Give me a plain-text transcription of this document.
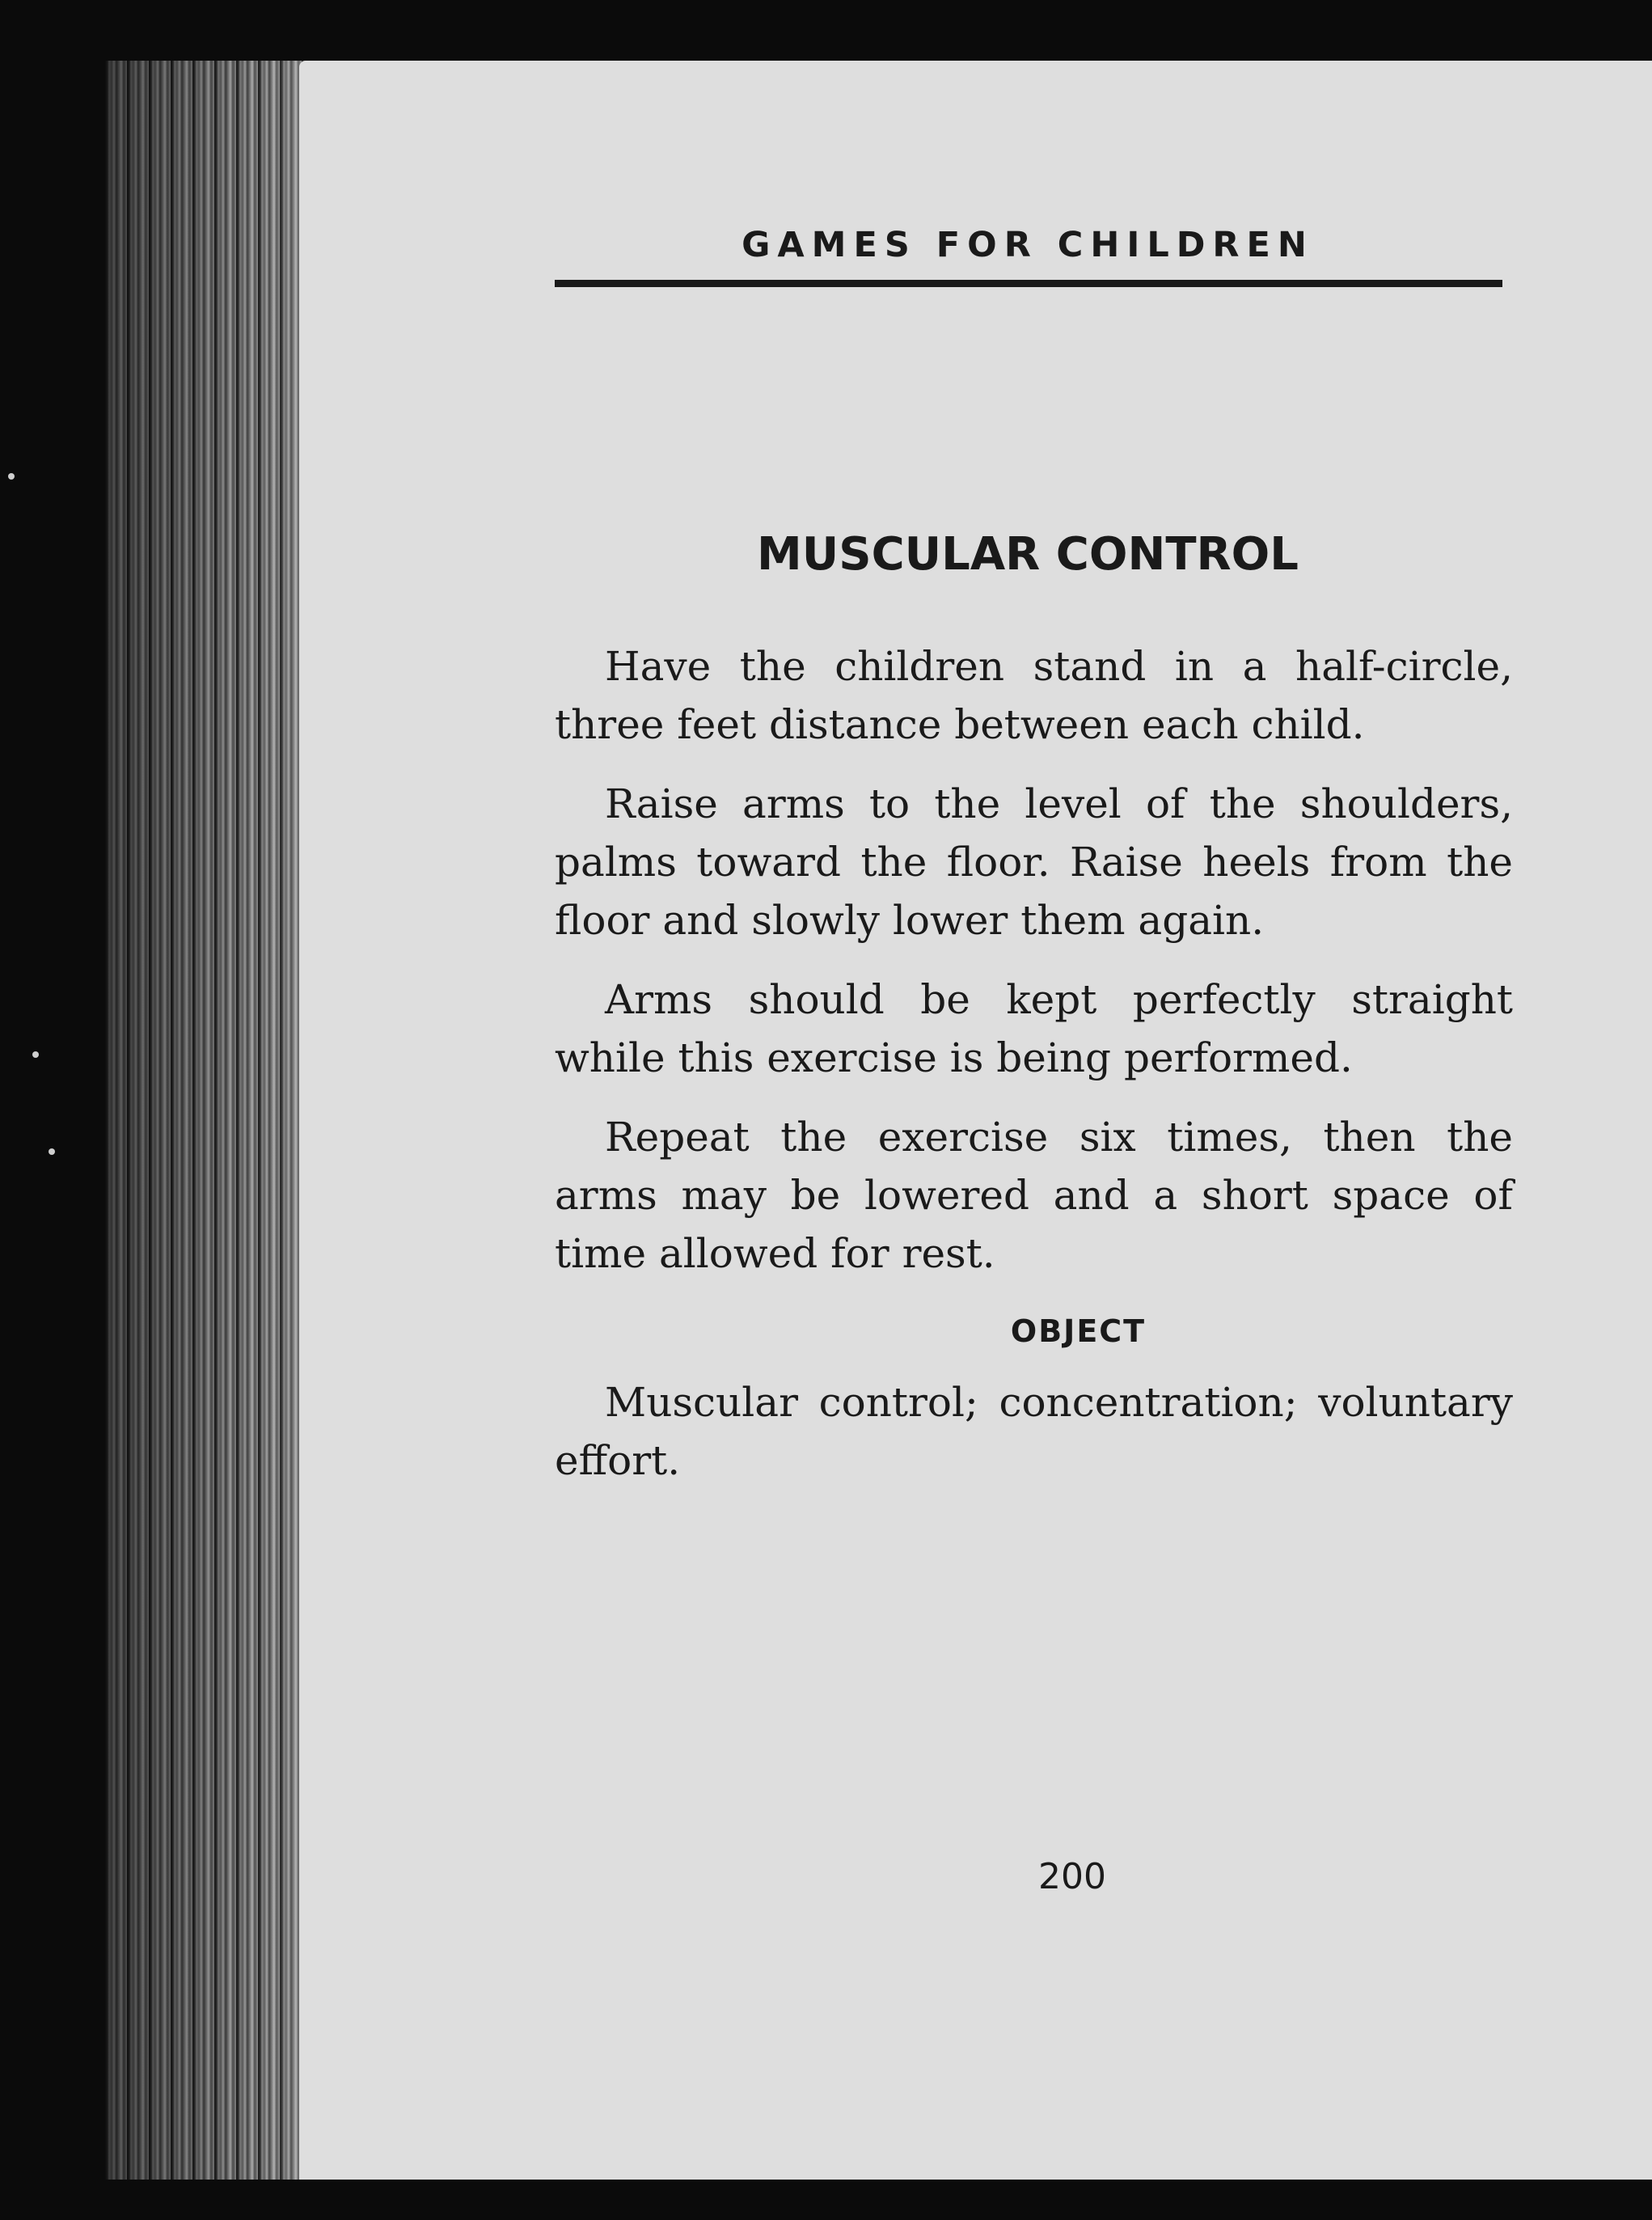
GAMES FOR CHILDREN
MUSCULAR CONTROL

Have the children stand in a half-circle, three feet distance between each child.

Raise arms to the level of the shoulders, palms toward the floor. Raise heels from the floor and slowly lower them again.

Arms should be kept perfectly straight while this exercise is being performed.

Repeat the exercise six times, then the arms may be lowered and a short space of time allowed for rest.

OBJECT

Muscular control; concentration; voluntary effort.

200
